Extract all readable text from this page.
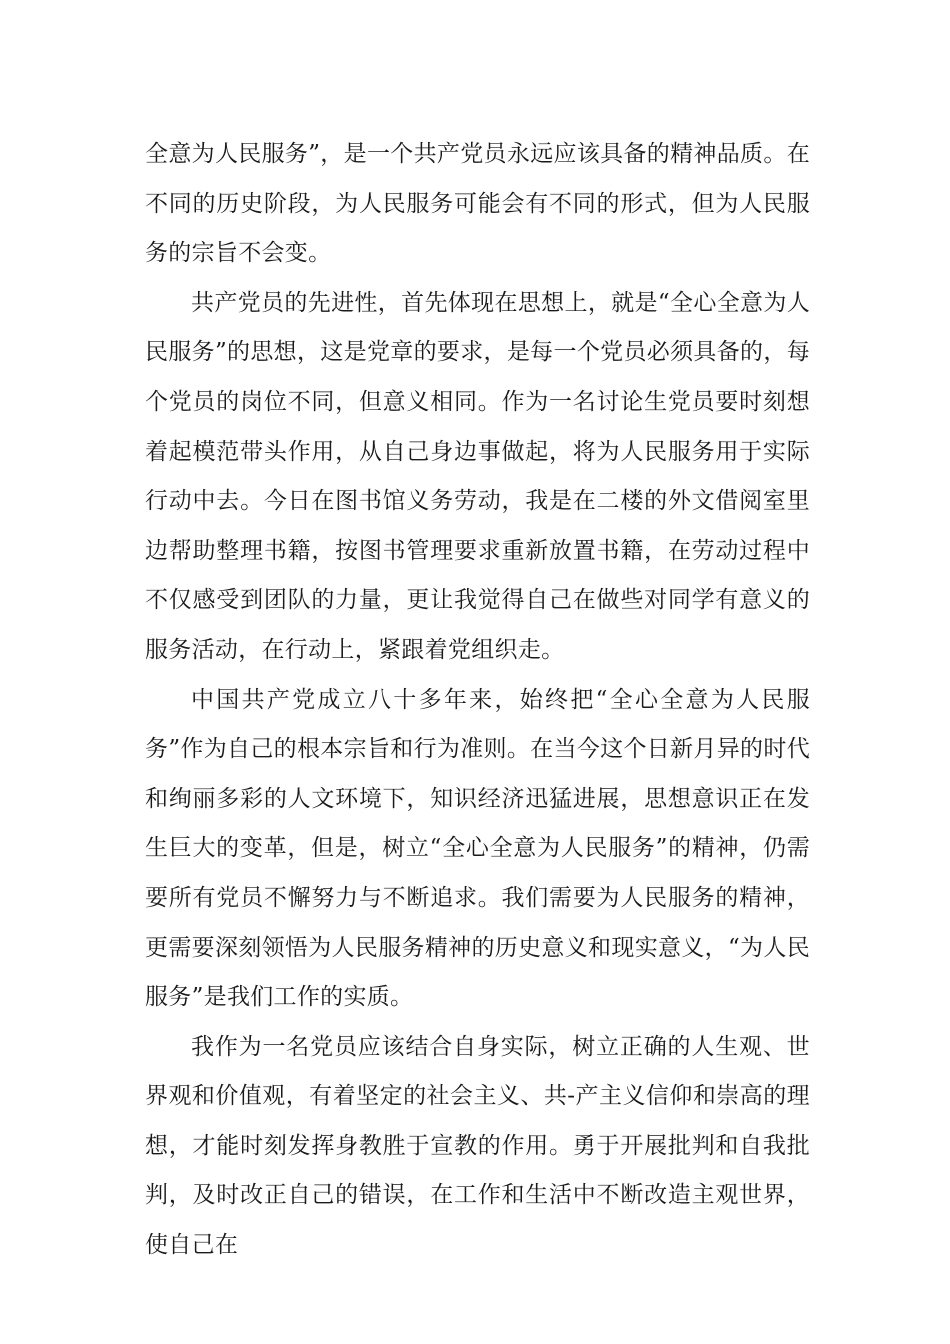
全意为人民服务”，是一个共产党员永远应该具备的精神品质。在不同的历史阶段，为人民服务可能会有不同的形式，但为人民服务的宗旨不会变。

共产党员的先进性，首先体现在思想上，就是“全心全意为人民服务”的思想，这是党章的要求，是每一个党员必须具备的，每个党员的岗位不同，但意义相同。作为一名讨论生党员要时刻想着起模范带头作用，从自己身边事做起，将为人民服务用于实际行动中去。今日在图书馆义务劳动，我是在二楼的外文借阅室里边帮助整理书籍，按图书管理要求重新放置书籍，在劳动过程中不仅感受到团队的力量，更让我觉得自己在做些对同学有意义的服务活动，在行动上，紧跟着党组织走。

中国共产党成立八十多年来，始终把“全心全意为人民服务”作为自己的根本宗旨和行为准则。在当今这个日新月异的时代和绚丽多彩的人文环境下，知识经济迅猛进展，思想意识正在发生巨大的变革，但是，树立“全心全意为人民服务”的精神，仍需要所有党员不懈努力与不断追求。我们需要为人民服务的精神，更需要深刻领悟为人民服务精神的历史意义和现实意义，“为人民服务”是我们工作的实质。

我作为一名党员应该结合自身实际，树立正确的人生观、世界观和价值观，有着坚定的社会主义、共-产主义信仰和崇高的理想，才能时刻发挥身教胜于宣教的作用。勇于开展批判和自我批判，及时改正自己的错误，在工作和生活中不断改造主观世界，使自己在
